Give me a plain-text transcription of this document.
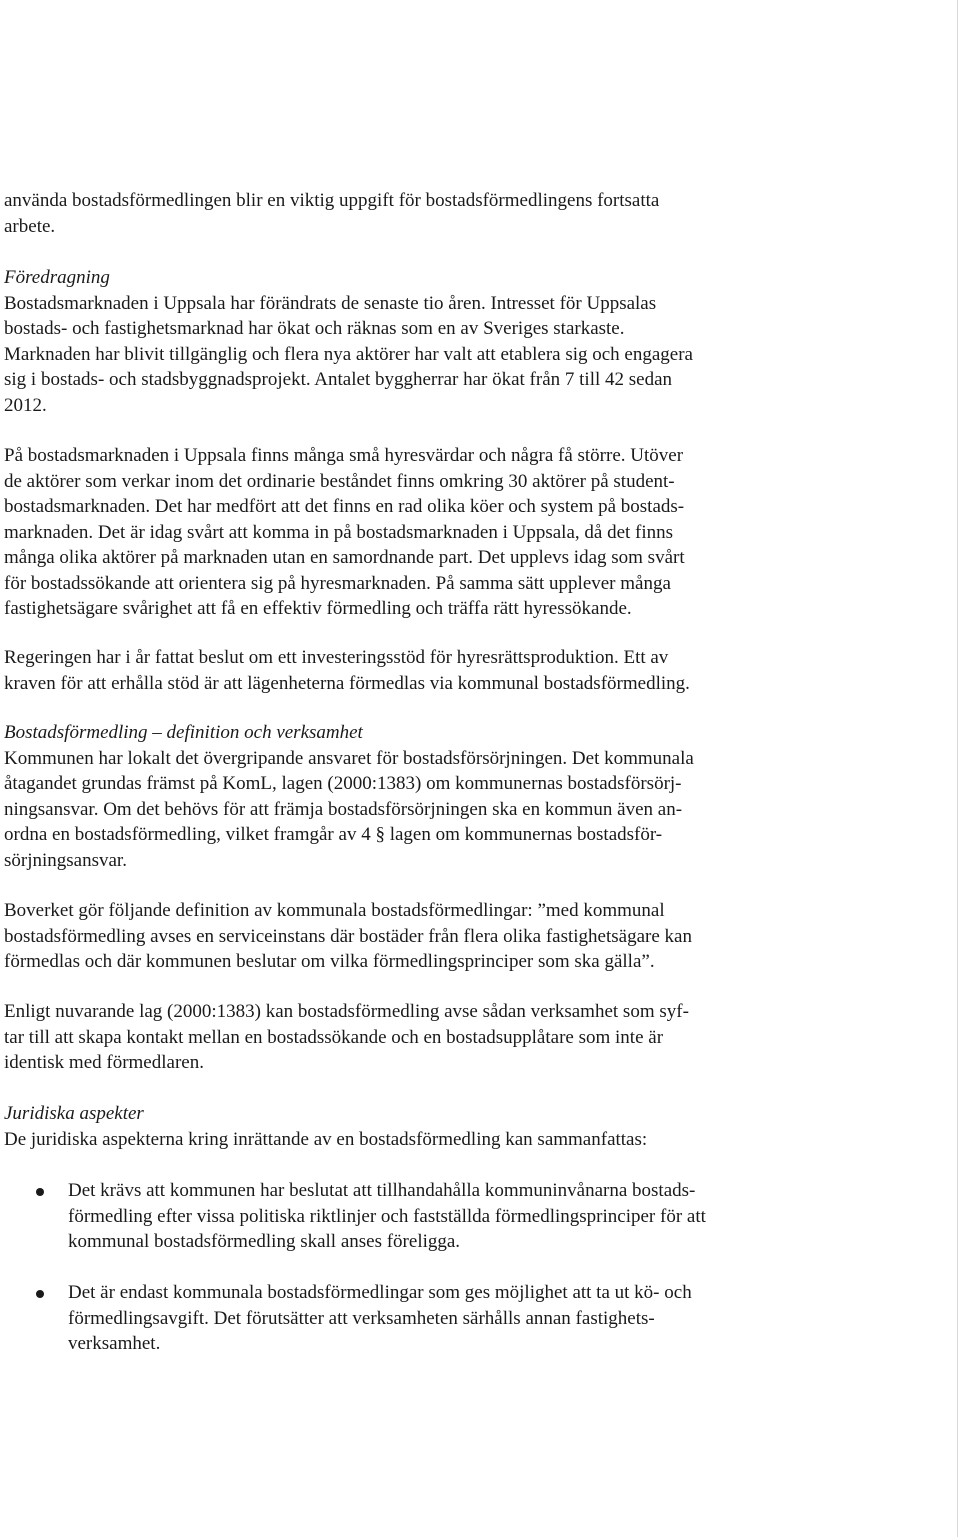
använda bostadsförmedlingen blir en viktig uppgift för bostadsförmedlingens fortsatta
arbete.
Föredragning
Bostadsmarknaden i Uppsala har förändrats de senaste tio åren. Intresset för Uppsalas
bostads- och fastighetsmarknad har ökat och räknas som en av Sveriges starkaste.
Marknaden har blivit tillgänglig och flera nya aktörer har valt att etablera sig och engagera
sig i bostads- och stadsbyggnadsprojekt. Antalet byggherrar har ökat från 7 till 42 sedan
2012.
På bostadsmarknaden i Uppsala finns många små hyresvärdar och några få större. Utöver
de aktörer som verkar inom det ordinarie beståndet finns omkring 30 aktörer på student-
bostadsmarknaden. Det har medfört att det finns en rad olika köer och system på bostads-
marknaden. Det är idag svårt att komma in på bostadsmarknaden i Uppsala, då det finns
många olika aktörer på marknaden utan en samordnande part. Det upplevs idag som svårt
för bostadssökande att orientera sig på hyresmarknaden. På samma sätt upplever många
fastighetsägare svårighet att få en effektiv förmedling och träffa rätt hyressökande.
Regeringen har i år fattat beslut om ett investeringsstöd för hyresrättsproduktion. Ett av
kraven för att erhålla stöd är att lägenheterna förmedlas via kommunal bostadsförmedling.
Bostadsförmedling – definition och verksamhet
Kommunen har lokalt det övergripande ansvaret för bostadsförsörjningen. Det kommunala
åtagandet grundas främst på KomL, lagen (2000:1383) om kommunernas bostadsförsörj-
ningsansvar. Om det behövs för att främja bostadsförsörjningen ska en kommun även an-
ordna en bostadsförmedling, vilket framgår av 4 § lagen om kommunernas bostadsför-
sörjningsansvar.
Boverket gör följande definition av kommunala bostadsförmedlingar: ”med kommunal
bostadsförmedling avses en serviceinstans där bostäder från flera olika fastighetsägare kan
förmedlas och där kommunen beslutar om vilka förmedlingsprinciper som ska gälla”.
Enligt nuvarande lag (2000:1383) kan bostadsförmedling avse sådan verksamhet som syf-
tar till att skapa kontakt mellan en bostadssökande och en bostadsupplåtare som inte är
identisk med förmedlaren.
Juridiska aspekter
De juridiska aspekterna kring inrättande av en bostadsförmedling kan sammanfattas:
Det krävs att kommunen har beslutat att tillhandahålla kommuninvånarna bostads-
förmedling efter vissa politiska riktlinjer och fastställda förmedlingsprinciper för att
kommunal bostadsförmedling skall anses föreligga.
Det är endast kommunala bostadsförmedlingar som ges möjlighet att ta ut kö- och
förmedlingsavgift. Det förutsätter att verksamheten särhålls annan fastighets-
verksamhet.
